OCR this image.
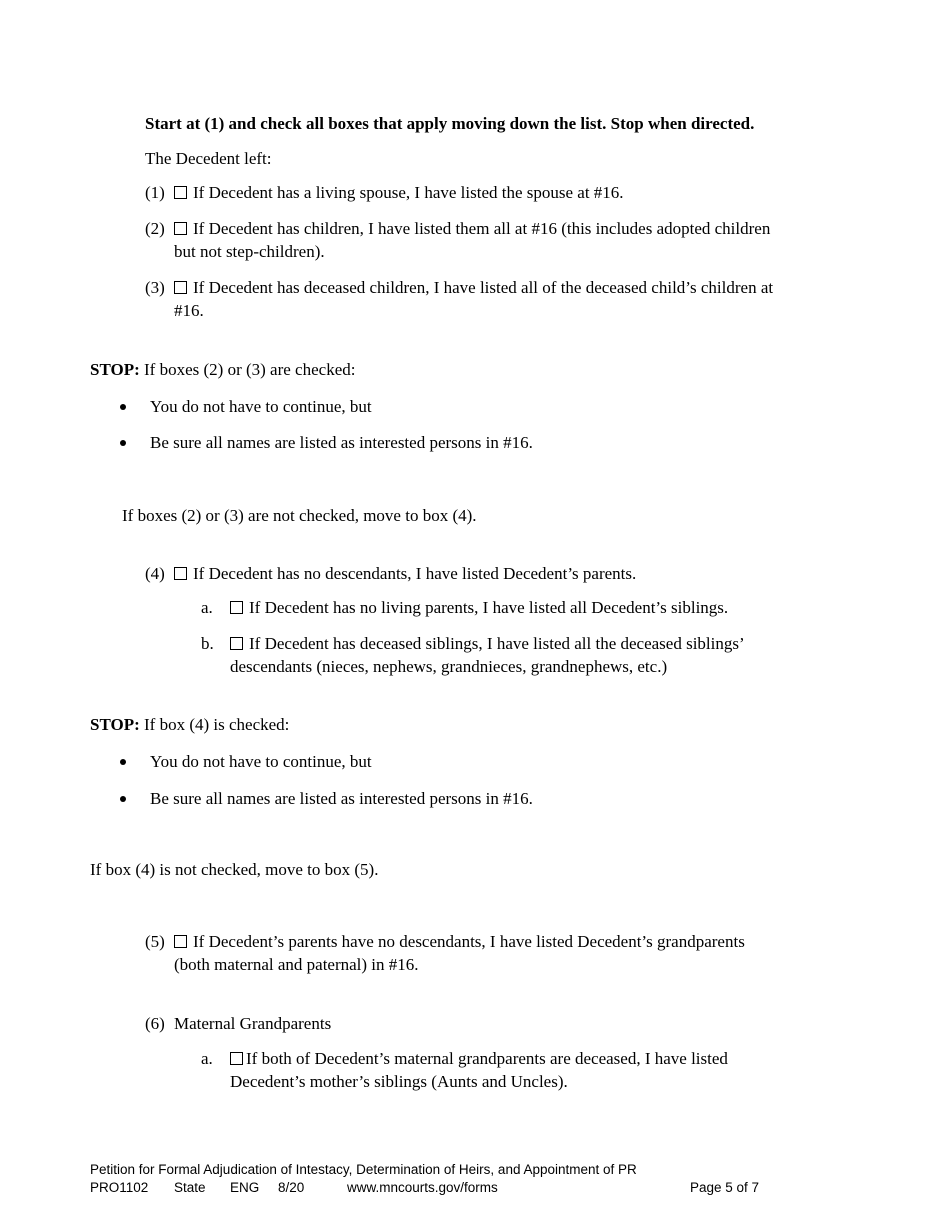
Start at (1) and check all boxes that apply moving down the list. Stop when directed.
The Decedent left:
(1)	If Decedent has a living spouse, I have listed the spouse at #16.
(2)	If Decedent has children, I have listed them all at #16 (this includes adopted children
but not step-children).
(3)	If Decedent has deceased children, I have listed all of the deceased child’s children at
#16.
STOP: If boxes (2) or (3) are checked:
You do not have to continue, but
Be sure all names are listed as interested persons in #16.
If boxes (2) or (3) are not checked, move to box (4).
(4)	If Decedent has no descendants, I have listed Decedent’s parents.
a.	If Decedent has no living parents, I have listed all Decedent’s siblings.
b.	If Decedent has deceased siblings, I have listed all the deceased siblings’
descendants (nieces, nephews, grandnieces, grandnephews, etc.)
STOP: If box (4) is checked:
You do not have to continue, but
Be sure all names are listed as interested persons in #16.
If box (4) is not checked, move to box (5).
(5)	If Decedent’s parents have no descendants, I have listed Decedent’s grandparents
(both maternal and paternal) in #16.
(6) Maternal Grandparents
a.	If both of Decedent’s maternal grandparents are deceased, I have listed
Decedent’s mother’s siblings (Aunts and Uncles).
Petition for Formal Adjudication of Intestacy, Determination of Heirs, and Appointment of PR
PRO1102 State ENG 8/20	www.mncourts.gov/forms	Page 5 of 7
